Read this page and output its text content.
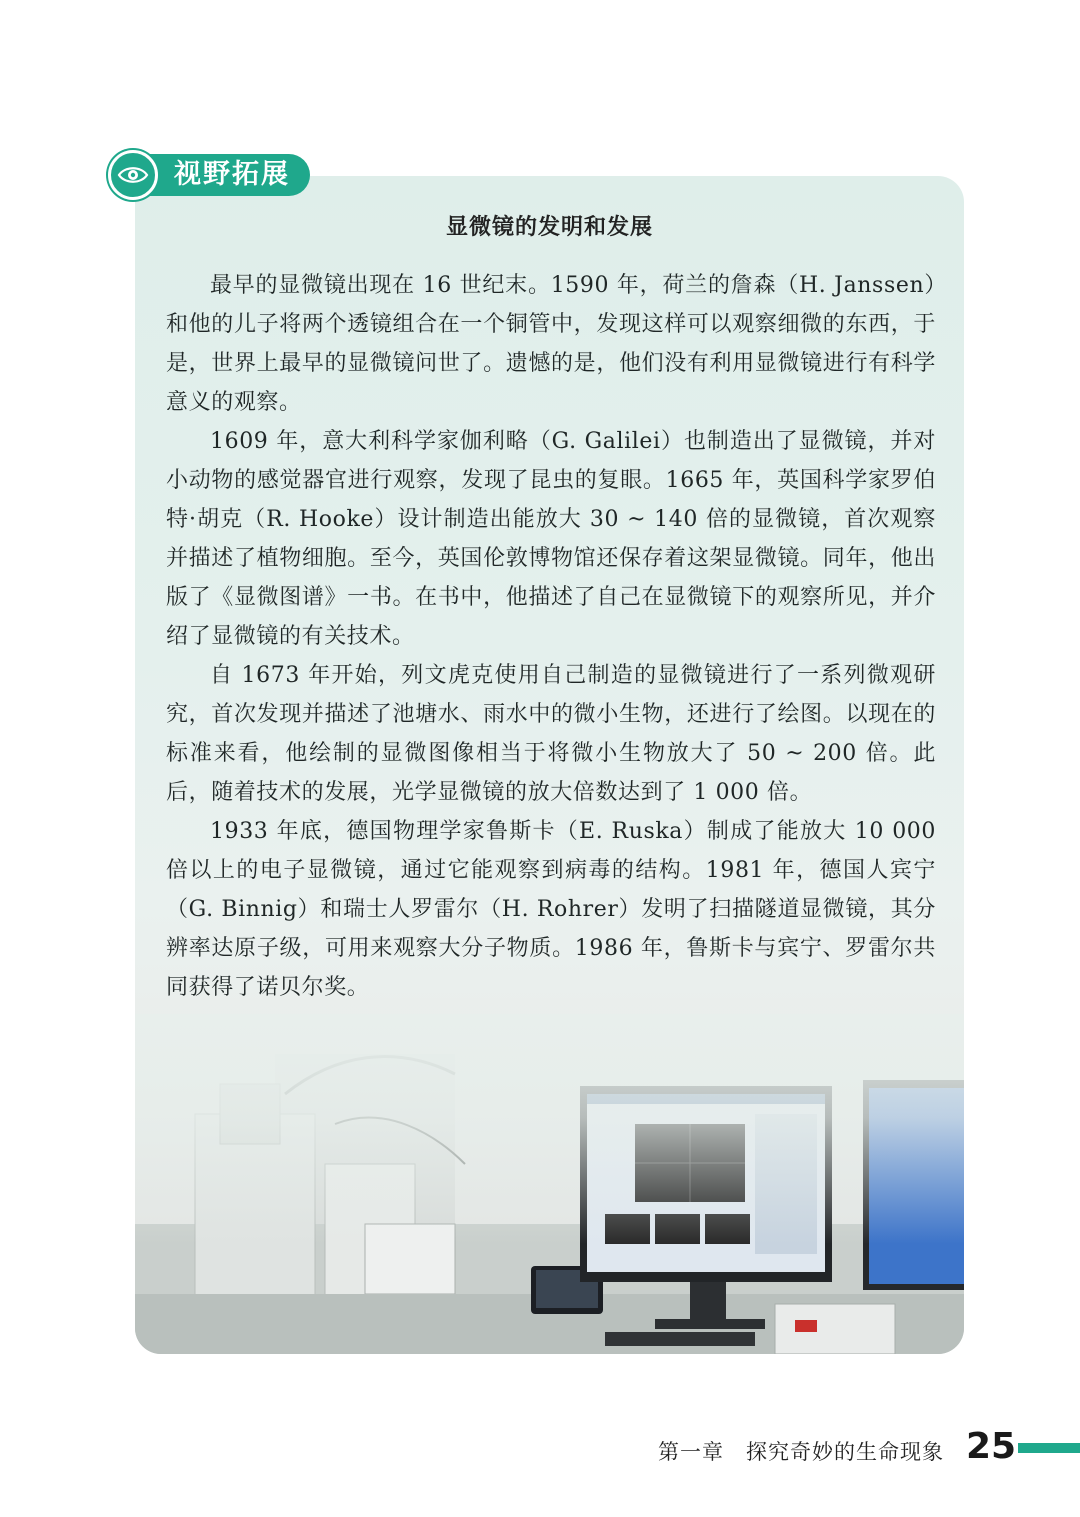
视野拓展
显微镜的发明和发展

最早的显微镜出现在 16 世纪末。1590 年，荷兰的詹森（H. Janssen）和他的儿子将两个透镜组合在一个铜管中，发现这样可以观察细微的东西，于是，世界上最早的显微镜问世了。遗憾的是，他们没有利用显微镜进行有科学意义的观察。

1609 年，意大利科学家伽利略（G. Galilei）也制造出了显微镜，并对小动物的感觉器官进行观察，发现了昆虫的复眼。1665 年，英国科学家罗伯特·胡克（R. Hooke）设计制造出能放大 30 ~ 140 倍的显微镜，首次观察并描述了植物细胞。至今，英国伦敦博物馆还保存着这架显微镜。同年，他出版了《显微图谱》一书。在书中，他描述了自己在显微镜下的观察所见，并介绍了显微镜的有关技术。

自 1673 年开始，列文虎克使用自己制造的显微镜进行了一系列微观研究，首次发现并描述了池塘水、雨水中的微小生物，还进行了绘图。以现在的标准来看，他绘制的显微图像相当于将微小生物放大了 50 ~ 200 倍。此后，随着技术的发展，光学显微镜的放大倍数达到了 1 000 倍。

1933 年底，德国物理学家鲁斯卡（E. Ruska）制成了能放大 10 000 倍以上的电子显微镜，通过它能观察到病毒的结构。1981 年，德国人宾宁（G. Binnig）和瑞士人罗雷尔（H. Rohrer）发明了扫描隧道显微镜，其分辨率达原子级，可用来观察大分子物质。1986 年，鲁斯卡与宾宁、罗雷尔共同获得了诺贝尔奖。

第一章　探究奇妙的生命现象 25
